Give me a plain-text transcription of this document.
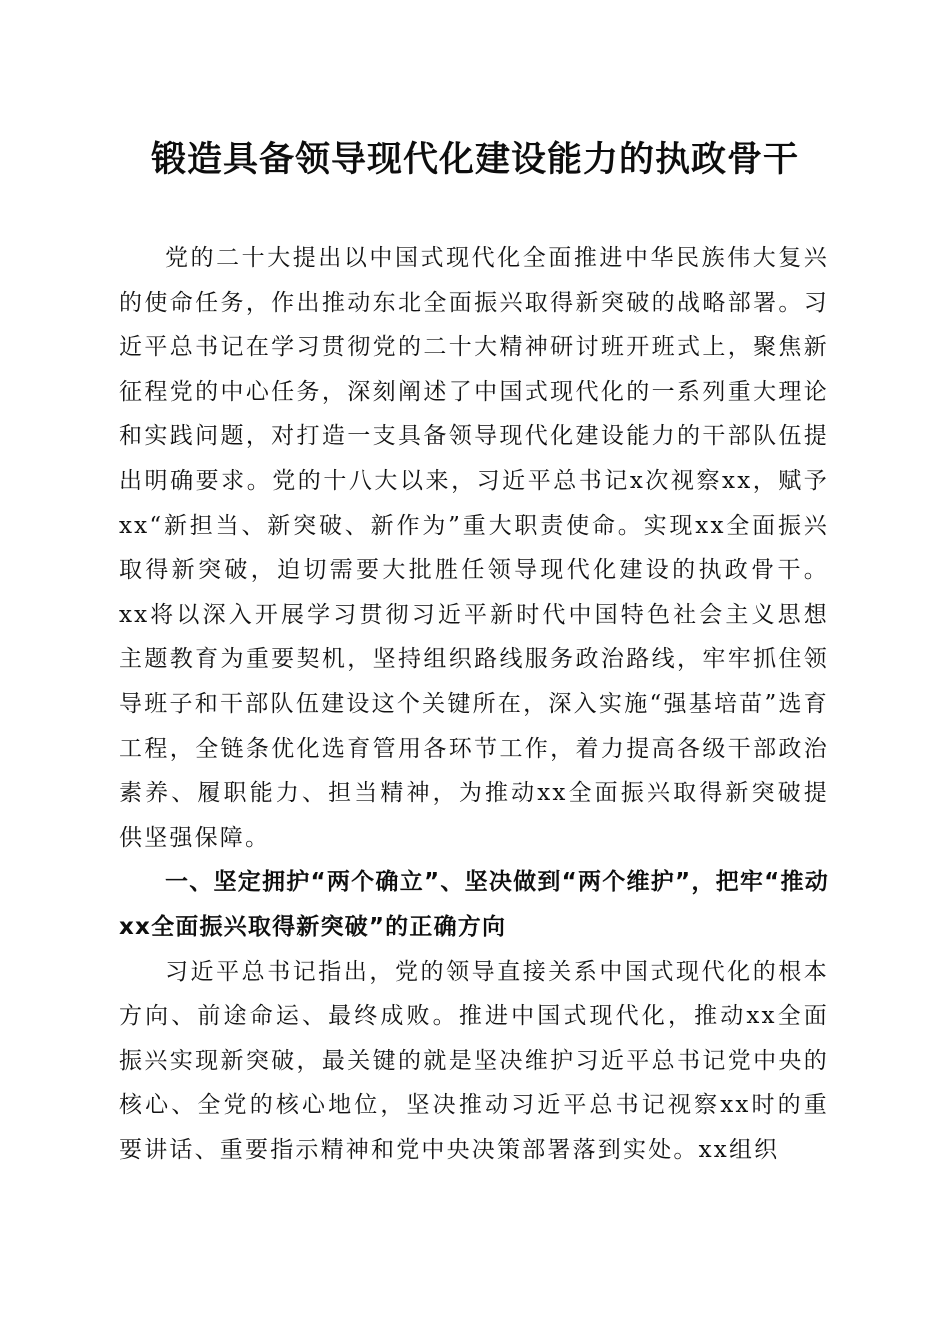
锻造具备领导现代化建设能力的执政骨干

党的二十大提出以中国式现代化全面推进中华民族伟大复兴的使命任务，作出推动东北全面振兴取得新突破的战略部署。习近平总书记在学习贯彻党的二十大精神研讨班开班式上，聚焦新征程党的中心任务，深刻阐述了中国式现代化的一系列重大理论和实践问题，对打造一支具备领导现代化建设能力的干部队伍提出明确要求。党的十八大以来，习近平总书记x次视察xx，赋予xx“新担当、新突破、新作为”重大职责使命。实现xx全面振兴取得新突破，迫切需要大批胜任领导现代化建设的执政骨干。xx将以深入开展学习贯彻习近平新时代中国特色社会主义思想主题教育为重要契机，坚持组织路线服务政治路线，牢牢抓住领导班子和干部队伍建设这个关键所在，深入实施“强基培苗”选育工程，全链条优化选育管用各环节工作，着力提高各级干部政治素养、履职能力、担当精神，为推动xx全面振兴取得新突破提供坚强保障。

一、坚定拥护“两个确立”、坚决做到“两个维护”，把牢“推动xx全面振兴取得新突破”的正确方向

习近平总书记指出，党的领导直接关系中国式现代化的根本方向、前途命运、最终成败。推进中国式现代化，推动xx全面振兴实现新突破，最关键的就是坚决维护习近平总书记党中央的核心、全党的核心地位，坚决推动习近平总书记视察xx时的重要讲话、重要指示精神和党中央决策部署落到实处。xx组织
